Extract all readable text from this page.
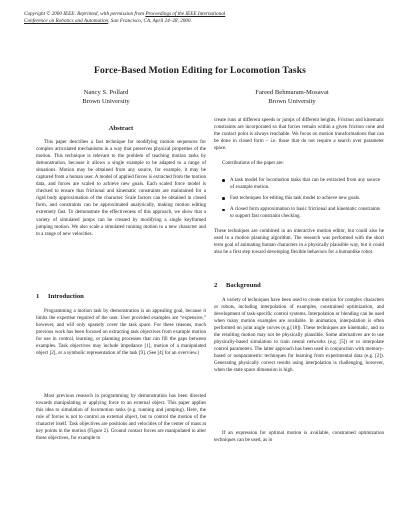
Copyright © 2000 IEEE. Reprinted, with permission from Proceedings of the IEEE International
Conference on Robotics and Automation, San Francisco, CA, April 24–28, 2000.
Force-Based Motion Editing for Locomotion Tasks
Nancy S. Pollard
Brown University
Fareed Behmaram-Mosavat
Brown University
Abstract
This paper describes a fast technique for modifying motion sequences for complex articulated mechanisms in a way that preserves physical properties of the motion. This technique is relevant to the problem of teaching motion tasks by demonstration, because it allows a single example to be adapted to a range of situations. Motion may be obtained from any source, for example, it may be captured from a human user. A model of applied forces is extracted from the motion data, and forces are scaled to achieve new goals. Each scaled force model is checked to ensure that frictional and kinematic constraints are maintained for a rigid body approximation of the character. Scale factors can be obtained in closed form, and constraints can be approximated analytically, making motion editing extremely fast. To demonstrate the effectiveness of this approach, we show that a variety of simulated jumps can be created by modifying a single keyframed jumping motion. We also scale a simulated running motion to a new character and to a range of new velocities.
1 Introduction
Programming a motion task by demonstration is an appealing goal, because it limits the expertise required of the user. User provided examples are “expensive,” however, and will only sparsely cover the task space. For these reasons, much previous work has been focused on extracting task objectives from example motion for use in control, learning, or planning processes that can fill the gaps between examples. Task objectives may include impedance [1], motion of a manipulated object [2], or a symbolic representation of the task [9]. (See [4] for an overview.)
Most previous research in programming by demonstration has been directed towards manipulating or applying force to an external object. This paper applies this idea to simulation of locomotion tasks (e.g. running and jumping). Here, the role of forces is not to control an external object, but to control the motion of the character itself. Task objectives are positions and velocities of the center of mass at key points in the motion (Figure 2). Ground contact forces are manipulated to alter those objectives, for example to
create runs at different speeds or jumps of different heights. Friction and kinematic constraints are incorporated so that forces remain within a given friction cone and the contact point is always reachable. We focus on motion transformations that can be done in closed form – i.e. those that do not require a search over parameter space.
Contributions of the paper are:
A task model for locomotion tasks that can be extracted from any source of example motion.
Fast techniques for editing this task model to achieve new goals.
A closed form approximation to basic frictional and kinematic constraints to support fast constraint checking.
These techniques are combined in an interactive motion editor, but could also be used in a motion planning algorithm. The research was performed with the short term goal of animating human characters in a physically plausible way, but it could also be a first step toward developing flexible behaviors for a humanlike robot.
2 Background
A variety of techniques have been used to create motion for complex characters or robots, including interpolation of examples, constrained optimization, and development of task-specific control systems. Interpolation or blending can be used when many motion examples are available. In animation, interpolation is often performed on joint angle curves (e.g.[18]). These techniques are kinematic, and so the resulting motion may not be physically plausible. Some alternatives are to use physically-based simulation to train neural networks (e.g. [5]) or to interpolate control parameters. The latter approach has been used in conjunction with memory-based or nonparametric techniques for learning from experimental data (e.g. [2]). Generating physically correct results using interpolation is challenging, however, when the state space dimension is high.
If an expression for optimal motion is available, constrained optimization techniques can be used, as in
